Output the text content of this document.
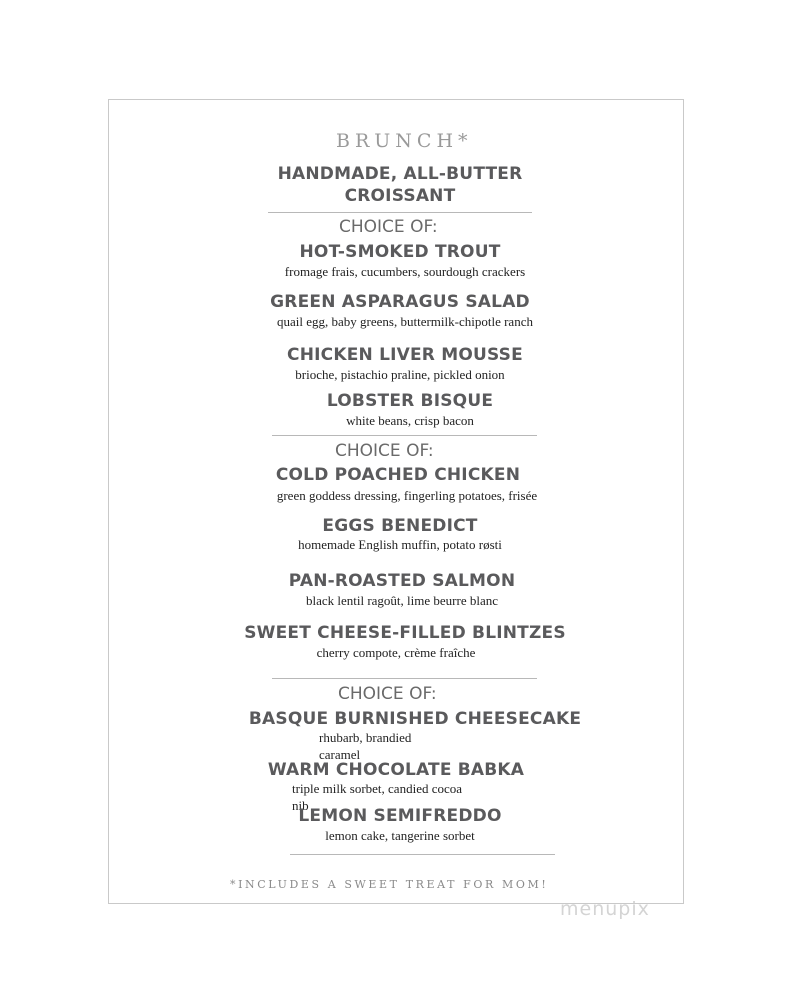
BRUNCH*
HANDMADE, ALL-BUTTER
CROISSANT
CHOICE OF:
HOT-SMOKED TROUT
fromage frais, cucumbers, sourdough crackers
GREEN ASPARAGUS SALAD
quail egg, baby greens, buttermilk-chipotle ranch
CHICKEN LIVER MOUSSE
brioche, pistachio praline, pickled onion
LOBSTER BISQUE
white beans, crisp bacon
CHOICE OF:
COLD POACHED CHICKEN
green goddess dressing, fingerling potatoes, frisée
EGGS BENEDICT
homemade English muffin, potato røsti
PAN-ROASTED SALMON
black lentil ragoût, lime beurre blanc
SWEET CHEESE-FILLED BLINTZES
cherry compote, crème fraîche
CHOICE OF:
BASQUE BURNISHED CHEESECAKE
rhubarb, brandied
caramel
WARM CHOCOLATE BABKA
triple milk sorbet, candied cocoa
nib
LEMON SEMIFREDDO
lemon cake, tangerine sorbet
*INCLUDES A SWEET TREAT FOR MOM!
menupix
